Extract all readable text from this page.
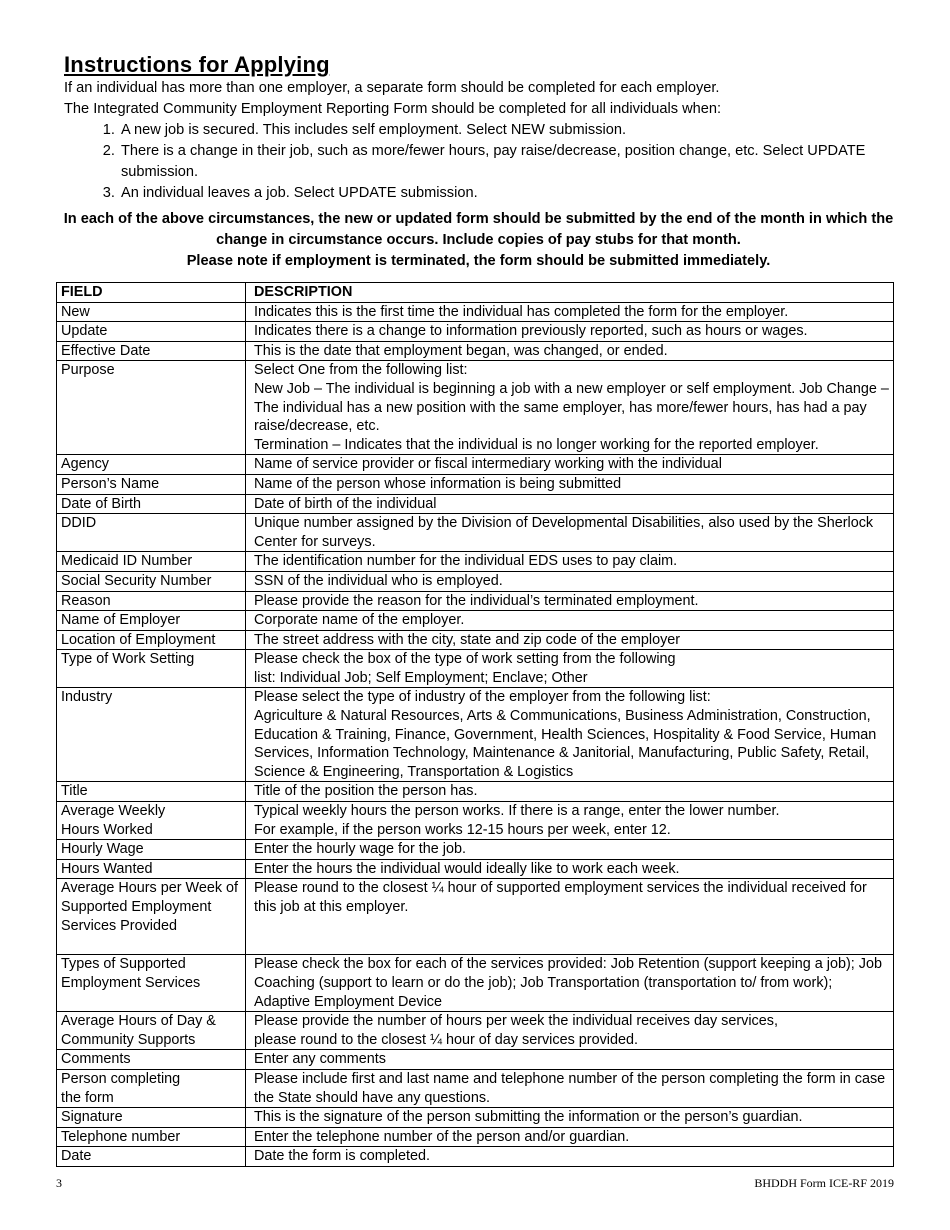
Instructions for Applying

If an individual has more than one employer, a separate form should be completed for each employer.

The Integrated Community Employment Reporting Form should be completed for all individuals when:

1. A new job is secured. This includes self employment. Select NEW submission.
2. There is a change in their job, such as more/fewer hours, pay raise/decrease, position change, etc. Select UPDATE submission.
3. An individual leaves a job. Select UPDATE submission.

In each of the above circumstances, the new or updated form should be submitted by the end of the month in which the change in circumstance occurs. Include copies of pay stubs for that month.

Please note if employment is terminated, the form should be submitted immediately.

FIELD	DESCRIPTION
New	Indicates this is the first time the individual has completed the form for the employer.
Update	Indicates there is a change to information previously reported, such as hours or wages.
Effective Date	This is the date that employment began, was changed, or ended.
Purpose	Select One from the following list:
New Job – The individual is beginning a job with a new employer or self employment. Job Change – The individual has a new position with the same employer, has more/fewer hours, has had a pay raise/decrease, etc.
Termination – Indicates that the individual is no longer working for the reported employer.
Agency	Name of service provider or fiscal intermediary working with the individual
Person’s Name	Name of the person whose information is being submitted
Date of Birth	Date of birth of the individual
DDID	Unique number assigned by the Division of Developmental Disabilities, also used by the Sherlock Center for surveys.
Medicaid ID Number	The identification number for the individual EDS uses to pay claim.
Social Security Number	SSN of the individual who is employed.
Reason	Please provide the reason for the individual’s terminated employment.
Name of Employer	Corporate name of the employer.
Location of Employment	The street address with the city, state and zip code of the employer
Type of Work Setting	Please check the box of the type of work setting from the following
list: Individual Job; Self Employment; Enclave; Other
Industry	Please select the type of industry of the employer from the following list:
Agriculture & Natural Resources, Arts & Communications, Business Administration, Construction, Education & Training, Finance, Government, Health Sciences, Hospitality & Food Service, Human Services, Information Technology, Maintenance & Janitorial, Manufacturing, Public Safety, Retail, Science & Engineering, Transportation & Logistics
Title	Title of the position the person has.
Average Weekly
Hours Worked	Typical weekly hours the person works. If there is a range, enter the lower number.
For example, if the person works 12-15 hours per week, enter 12.
Hourly Wage	Enter the hourly wage for the job.
Hours Wanted	Enter the hours the individual would ideally like to work each week.
Average Hours per Week of Supported Employment Services Provided	Please round to the closest ¼ hour of supported employment services the individual received for this job at this employer.
Types of Supported Employment Services	Please check the box for each of the services provided: Job Retention (support keeping a job); Job Coaching (support to learn or do the job); Job Transportation (transportation to/ from work); Adaptive Employment Device
Average Hours of Day & Community Supports	Please provide the number of hours per week the individual receives day services,
please round to the closest ¼ hour of day services provided.
Comments	Enter any comments
Person completing
the form	Please include first and last name and telephone number of the person completing the form in case the State should have any questions.
Signature	This is the signature of the person submitting the information or the person’s guardian.
Telephone number	Enter the telephone number of the person and/or guardian.
Date	Date the form is completed.
3	BHDDH Form ICE-RF 2019
